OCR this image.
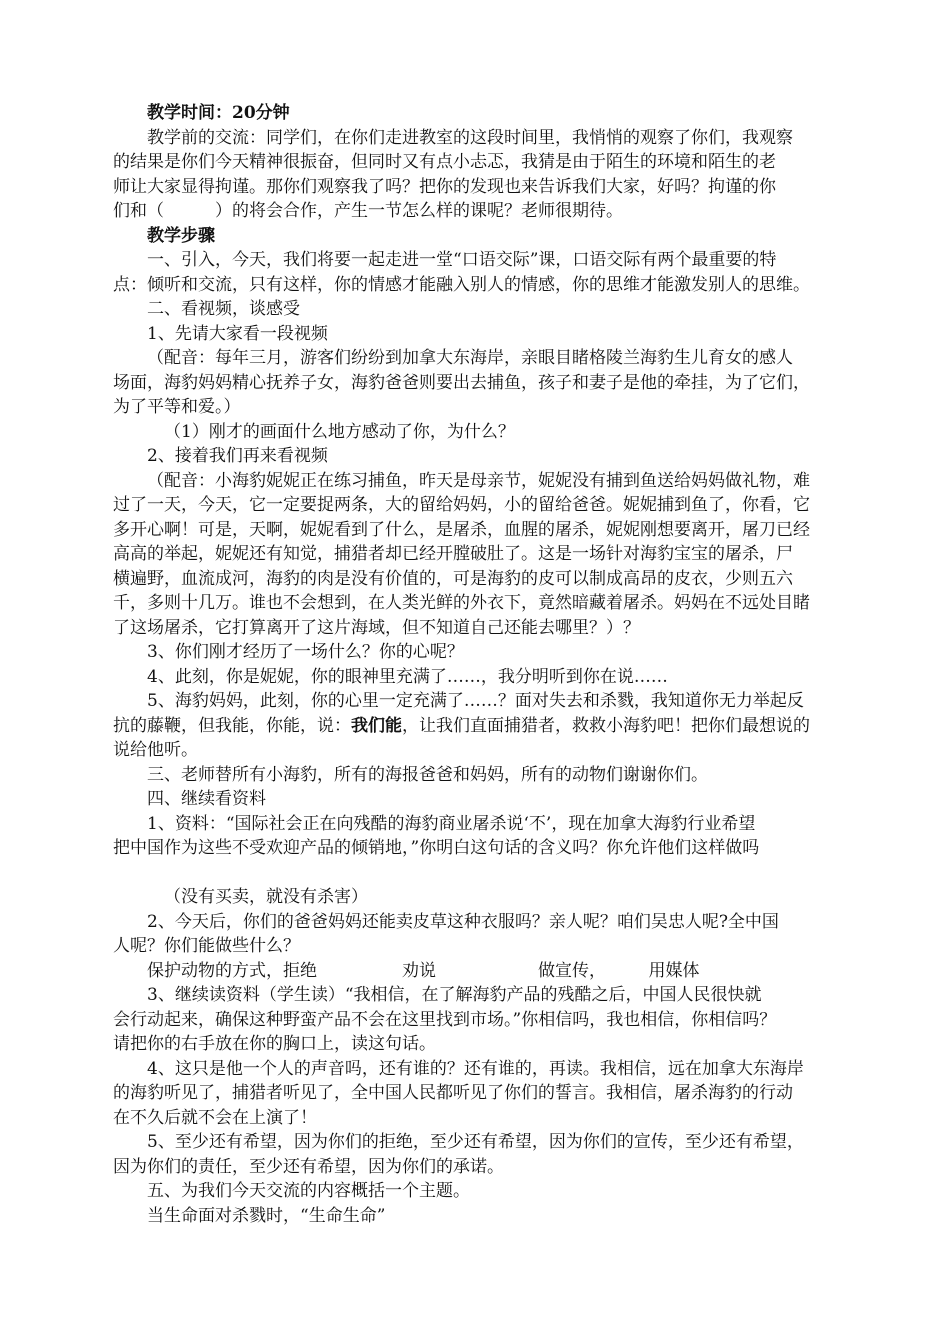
教学时间：20分钟
教学前的交流：同学们，在你们走进教室的这段时间里，我悄悄的观察了你们，我观察
的结果是你们今天精神很振奋，但同时又有点小忐忑，我猜是由于陌生的环境和陌生的老
师让大家显得拘谨。那你们观察我了吗？把你的发现也来告诉我们大家，好吗？拘谨的你
们和（　　　）的将会合作，产生一节怎么样的课呢？老师很期待。
教学步骤
一、引入，今天，我们将要一起走进一堂“口语交际”课，口语交际有两个最重要的特
点：倾听和交流，只有这样，你的情感才能融入别人的情感，你的思维才能激发别人的思维。
二、看视频，谈感受
1、先请大家看一段视频
（配音：每年三月，游客们纷纷到加拿大东海岸，亲眼目睹格陵兰海豹生儿育女的感人
场面，海豹妈妈精心抚养子女，海豹爸爸则要出去捕鱼，孩子和妻子是他的牵挂，为了它们，
为了平等和爱。）
（1）刚才的画面什么地方感动了你，为什么？
2、接着我们再来看视频
（配音：小海豹妮妮正在练习捕鱼，昨天是母亲节，妮妮没有捕到鱼送给妈妈做礼物，难
过了一天，今天，它一定要捉两条，大的留给妈妈，小的留给爸爸。妮妮捕到鱼了，你看，它
多开心啊！可是，天啊，妮妮看到了什么，是屠杀，血腥的屠杀，妮妮刚想要离开，屠刀已经
高高的举起，妮妮还有知觉，捕猎者却已经开膛破肚了。这是一场针对海豹宝宝的屠杀，尸
横遍野，血流成河，海豹的肉是没有价值的，可是海豹的皮可以制成高昂的皮衣，少则五六
千，多则十几万。谁也不会想到，在人类光鲜的外衣下，竟然暗藏着屠杀。妈妈在不远处目睹
了这场屠杀，它打算离开了这片海域，但不知道自己还能去哪里？）？
3、你们刚才经历了一场什么？你的心呢？
4、此刻，你是妮妮，你的眼神里充满了……，我分明听到你在说……
5、海豹妈妈，此刻，你的心里一定充满了……？面对失去和杀戮，我知道你无力举起反
抗的藤鞭，但我能，你能，说：我们能，让我们直面捕猎者，救救小海豹吧！把你们最想说的
说给他听。
三、老师替所有小海豹，所有的海报爸爸和妈妈，所有的动物们谢谢你们。
四、继续看资料
1、资料：“国际社会正在向残酷的海豹商业屠杀说‘不’，现在加拿大海豹行业希望
把中国作为这些不受欢迎产品的倾销地，”你明白这句话的含义吗？你允许他们这样做吗
（没有买卖，就没有杀害）
2、今天后，你们的爸爸妈妈还能卖皮草这种衣服吗？亲人呢？咱们吴忠人呢?全中国
人呢？你们能做些什么？
保护动物的方式，拒绝　　　　　劝说　　　　　　做宣传，　　　用媒体
3、继续读资料（学生读）“我相信，在了解海豹产品的残酷之后，中国人民很快就
会行动起来，确保这种野蛮产品不会在这里找到市场。”你相信吗，我也相信，你相信吗？
请把你的右手放在你的胸口上，读这句话。
4、这只是他一个人的声音吗，还有谁的？还有谁的，再读。我相信，远在加拿大东海岸
的海豹听见了，捕猎者听见了，全中国人民都听见了你们的誓言。我相信，屠杀海豹的行动
在不久后就不会在上演了！
5、至少还有希望，因为你们的拒绝，至少还有希望，因为你们的宣传，至少还有希望，
因为你们的责任，至少还有希望，因为你们的承诺。
五、为我们今天交流的内容概括一个主题。
当生命面对杀戮时，“生命生命”
